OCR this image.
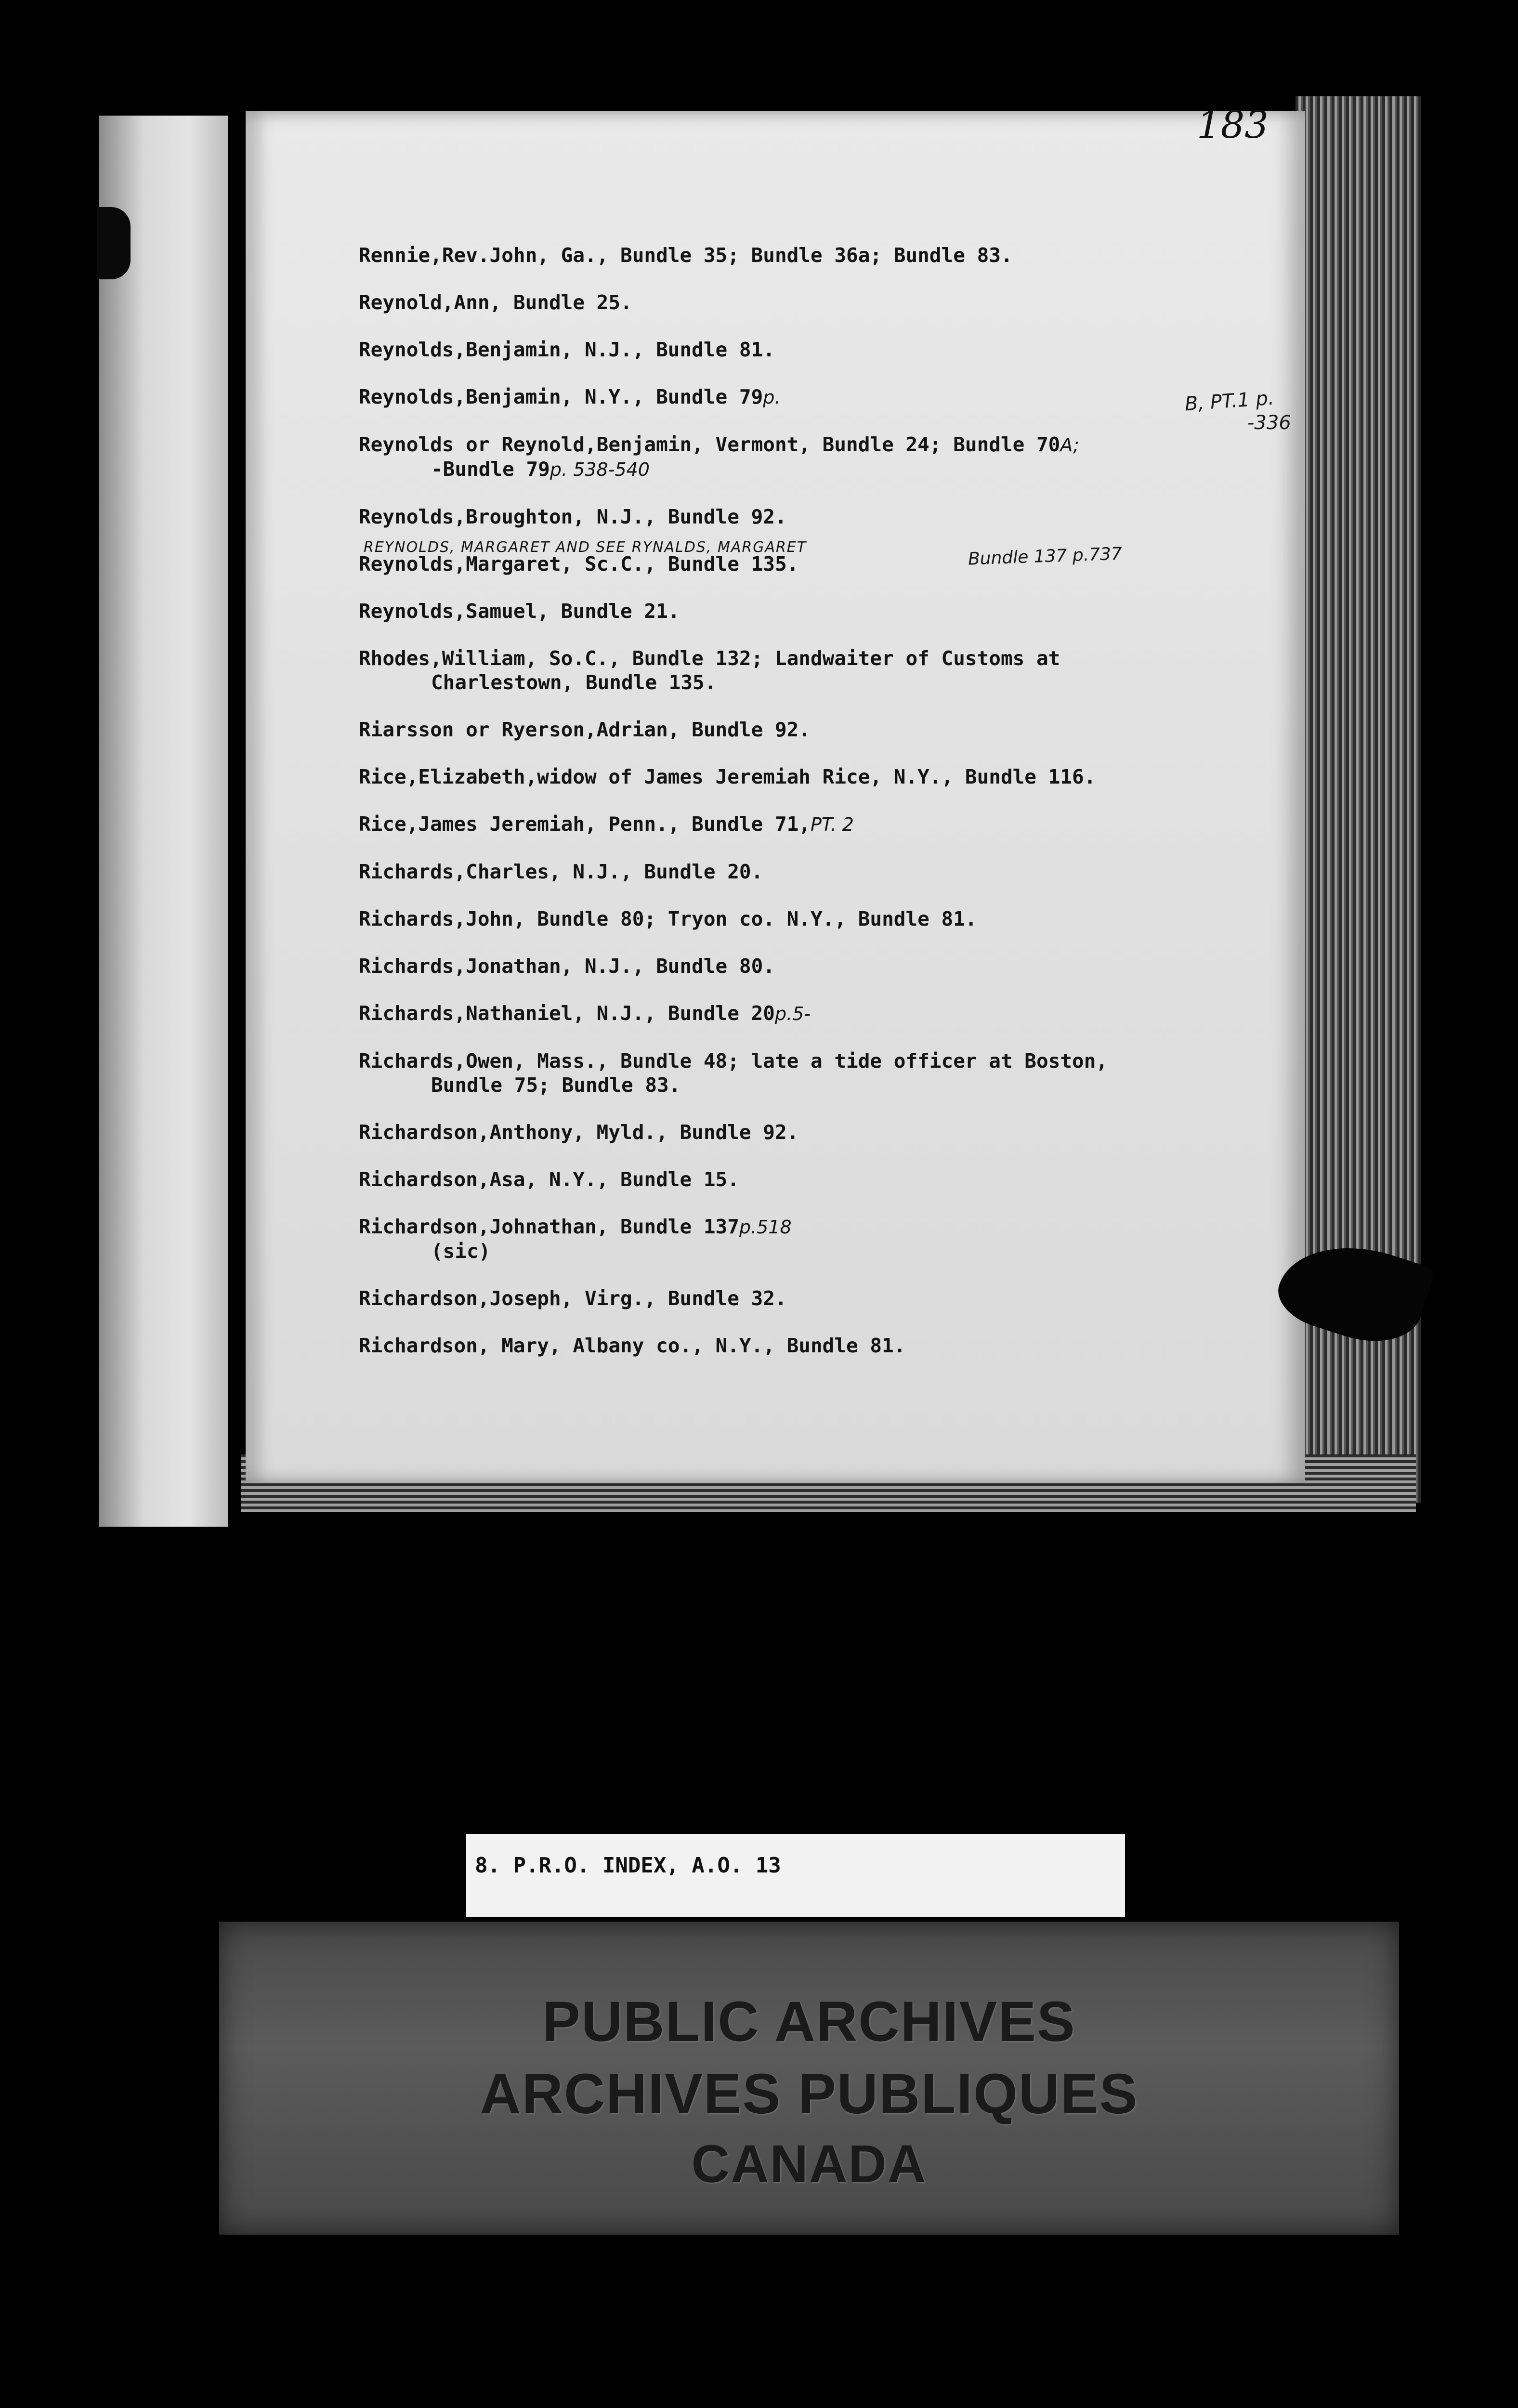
183
B, PT.1 p.
-336
Bundle 137 p.737
Rennie,Rev.John, Ga., Bundle 35; Bundle 36a; Bundle 83.
Reynold,Ann, Bundle 25.
Reynolds,Benjamin, N.J., Bundle 81.
Reynolds,Benjamin, N.Y., Bundle 79p.
Reynolds or Reynold,Benjamin, Vermont, Bundle 24; Bundle 70A;
-Bundle 79p. 538-540
Reynolds,Broughton, N.J., Bundle 92.
REYNOLDS, MARGARET AND SEE RYNALDS, MARGARET
Reynolds,Margaret, Sc.C., Bundle 135.
Reynolds,Samuel, Bundle 21.
Rhodes,William, So.C., Bundle 132; Landwaiter of Customs at
Charlestown, Bundle 135.
Riarsson or Ryerson,Adrian, Bundle 92.
Rice,Elizabeth,widow of James Jeremiah Rice, N.Y., Bundle 116.
Rice,James Jeremiah, Penn., Bundle 71,PT. 2
Richards,Charles, N.J., Bundle 20.
Richards,John, Bundle 80; Tryon co. N.Y., Bundle 81.
Richards,Jonathan, N.J., Bundle 80.
Richards,Nathaniel, N.J., Bundle 20p.5-
Richards,Owen, Mass., Bundle 48; late a tide officer at Boston,
Bundle 75; Bundle 83.
Richardson,Anthony, Myld., Bundle 92.
Richardson,Asa, N.Y., Bundle 15.
Richardson,Johnathan, Bundle 137p.518
(sic)
Richardson,Joseph, Virg., Bundle 32.
Richardson, Mary, Albany co., N.Y., Bundle 81.
8. P.R.O. INDEX, A.O. 13
PUBLIC ARCHIVES
ARCHIVES PUBLIQUES
CANADA
